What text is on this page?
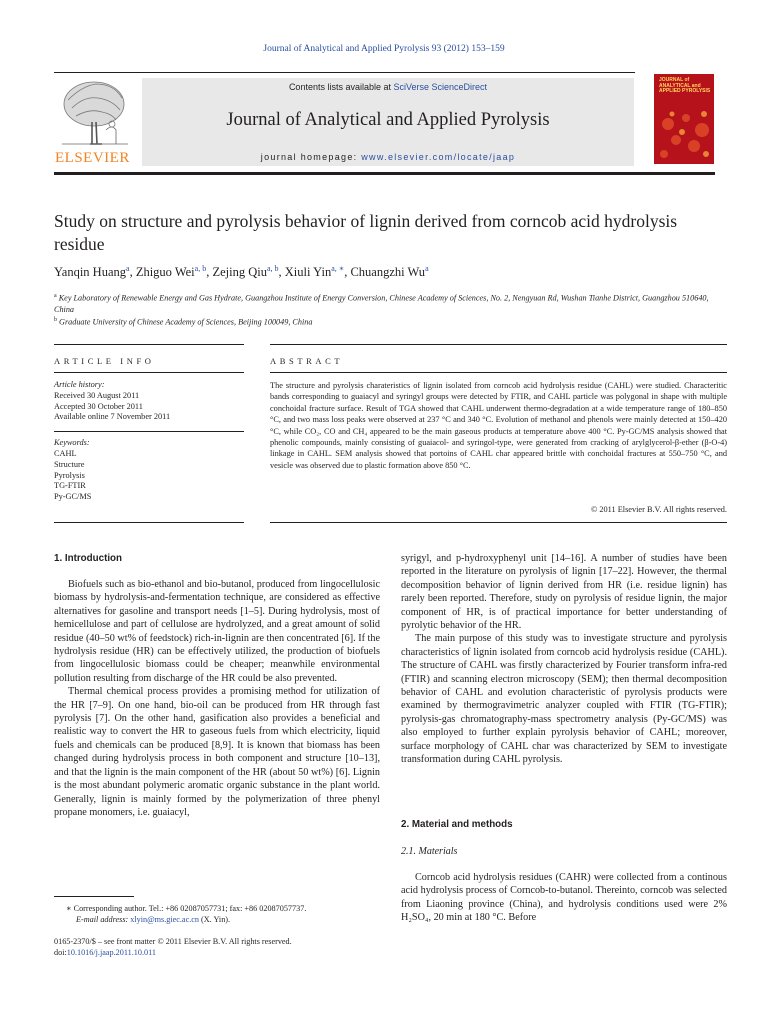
Journal of Analytical and Applied Pyrolysis 93 (2012) 153–159
ELSEVIER
Contents lists available at SciVerse ScienceDirect
Journal of Analytical and Applied Pyrolysis
journal homepage: www.elsevier.com/locate/jaap
JOURNAL of ANALYTICAL and APPLIED PYROLYSIS
Study on structure and pyrolysis behavior of lignin derived from corncob acid hydrolysis residue
Yanqin Huang$^a$, Zhiguo Wei$^{a, b}$, Zejing Qiu$^{a, b}$, Xiuli Yin$^{a, ∗}$, Chuangzhi Wu$^a$
$^a$ Key Laboratory of Renewable Energy and Gas Hydrate, Guangzhou Institute of Energy Conversion, Chinese Academy of Sciences, No. 2, Nengyuan Rd, Wushan Tianhe District, Guangzhou 510640, China
$^b$ Graduate University of Chinese Academy of Sciences, Beijing 100049, China
ARTICLE INFO	ABSTRACT
Article history:
Received 30 August 2011
Accepted 30 October 2011
Available online 7 November 2011
Keywords:
CAHL
Structure
Pyrolysis
TG-FTIR
Py-GC/MS
The structure and pyrolysis charateristics of lignin isolated from corncob acid hydrolysis residue (CAHL) were studied. Characteritic bands corresponding to guaiacyl and syringyl groups were detected by FTIR, and CAHL particle was polygonal in shape with multiple conchoidal fracture surface. Result of TGA showed that CAHL underwent thermo-degradation at a wide temperature range of 180–850 °C, and two mass loss peaks were observed at 237 °C and 340 °C. Evolution of methanol and phenols were mainly detected at 150–420 °C, while CO₂, CO and CH₄ appeared to be the main gaseous products at temperature above 400 °C. Py-GC/MS analysis showed that phenolic compounds, mainly consisting of guaiacol- and syringol-type, were generated from cracking of arylglycerol-β-ether (β-O-4) linkage in CAHL. SEM analysis showed that portoins of CAHL char appeared brittle with conchoidal fractures at 550–750 °C, and vesicle was observed due to plastic formation above 850 °C.
© 2011 Elsevier B.V. All rights reserved.
1. Introduction

Biofuels such as bio-ethanol and bio-butanol, produced from lingocellulosic biomass by hydrolysis-and-fermentation technique, are considered as effective alternatives for gasoline and transport needs [1–5]. During hydrolysis, most of hemicellulose and part of cellulose are hydrolyzed, and a great amount of solid residue (40–50 wt% of feedstock) rich-in-lignin are then concentrated [6]. If the hydrolysis residue (HR) can be effectively utilized, the production of biofuels from lingocellulosic biomass could be cheaper; meanwhile environmental pollution resulting from discharge of the HR could be also prevented.

Thermal chemical process provides a promising method for utilization of the HR [7–9]. On one hand, bio-oil can be produced from HR through fast pyrolysis [7]. On the other hand, gasification also provides a beneficial and realistic way to convert the HR to gaseous fuels from which electricity, liquid fuels and chemicals can be produced [8,9]. It is known that biomass has been changed during hydrolysis process in both component and structure [10–13], and that the lignin is the main component of the HR (about 50 wt%) [6]. Lignin is the most abundant polymeric aromatic organic substance in the plant world. Generally, lignin is mainly formed by the polymerization of three phenyl propane monomers, i.e. guaiacyl,

syrigyl, and p-hydroxyphenyl unit [14–16]. A number of studies have been reported in the literature on pyrolysis of lignin [17–22]. However, the thermal decomposition behavior of lignin derived from HR (i.e. residue lignin) has rarely been reported. Therefore, study on pyrolysis of residue lignin, the major component of HR, is of practical importance for better understanding of pyrolytic behavior of the HR.

The main purpose of this study was to investigate structure and pyrolysis characteristics of lignin isolated from corncob acid hydrolysis residue (CAHL). The structure of CAHL was firstly characterized by Fourier transform infra-red (FTIR) and scanning electron microscopy (SEM); then thermal decomposition behavior of CAHL and evolution characteristic of pyrolysis products were examined by thermogravimetric analyzer coupled with FTIR (TG-FTIR); pyrolysis-gas chromatography-mass spectrometry analysis (Py-GC/MS) was also employed to further explain pyrolysis behavior of CAHL; moreover, surface morphology of CAHL char was characterized by SEM to investigate transformation during CAHL pyrolysis.

2. Material and methods
2.1. Materials

Corncob acid hydrolysis residues (CAHR) were collected from a continous acid hydrolysis process of Corncob-to-butanol. Thereinto, corncob was selected from Liaoning province (China), and hydrolysis conditions used were 2% H₂SO₄, 20 min at 180 °C. Before

∗ Corresponding author. Tel.: +86 02087057731; fax: +86 02087057737.
E-mail address: xlyin@ms.giec.ac.cn (X. Yin).
0165-2370/$ – see front matter © 2011 Elsevier B.V. All rights reserved.
doi:10.1016/j.jaap.2011.10.011
